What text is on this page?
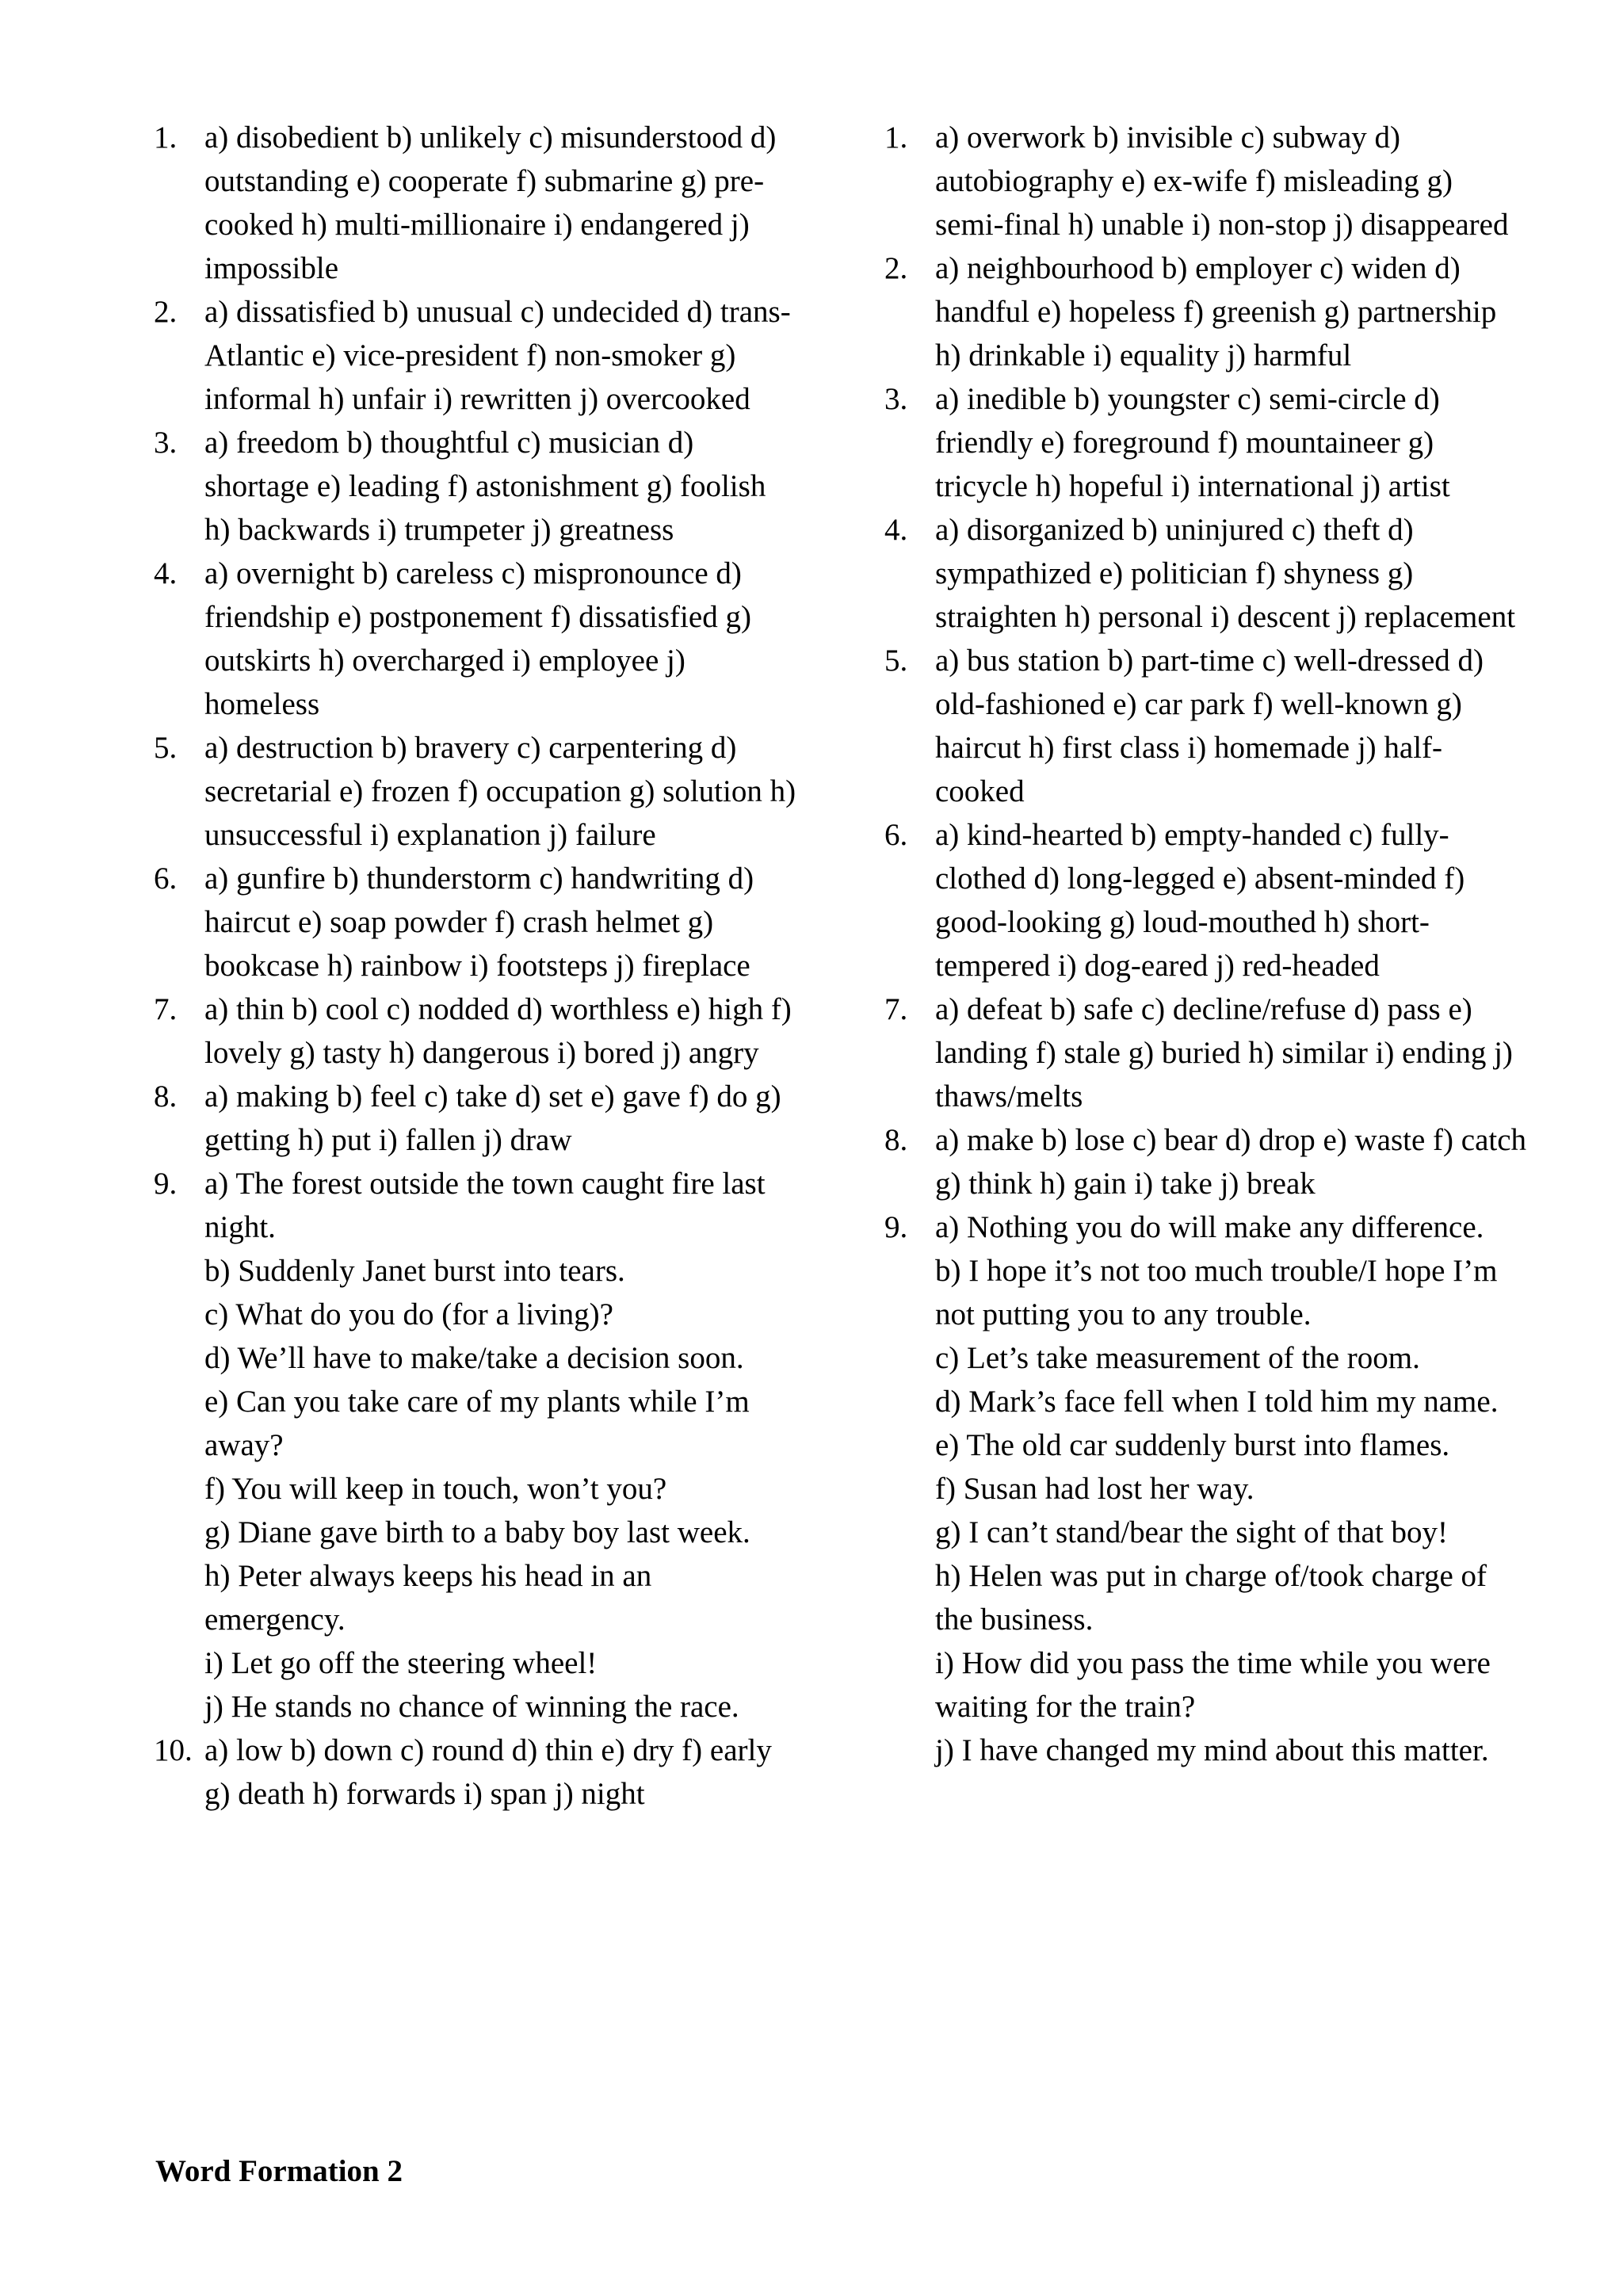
1. a) disobedient b) unlikely c) misunderstood d) outstanding e) cooperate f) submarine g) pre-cooked h) multi-millionaire i) endangered j) impossible
2. a) dissatisfied b) unusual c) undecided d) trans-Atlantic e) vice-president f) non-smoker g) informal h) unfair i) rewritten j) overcooked
3. a) freedom b) thoughtful c) musician d) shortage e) leading f) astonishment g) foolish h) backwards i) trumpeter j) greatness
4. a) overnight b) careless c) mispronounce d) friendship e) postponement f) dissatisfied g) outskirts h) overcharged i) employee j) homeless
5. a) destruction b) bravery c) carpentering d) secretarial e) frozen f) occupation g) solution h) unsuccessful i) explanation j) failure
6. a) gunfire b) thunderstorm c) handwriting d) haircut e) soap powder f) crash helmet g) bookcase h) rainbow i) footsteps j) fireplace
7. a) thin b) cool c) nodded d) worthless e) high f) lovely g) tasty h) dangerous i) bored j) angry
8. a) making b) feel c) take d) set e) gave f) do g) getting h) put i) fallen j) draw
9. a) The forest outside the town caught fire last night.
b) Suddenly Janet burst into tears.
c) What do you do (for a living)?
d) We’ll have to make/take a decision soon.
e) Can you take care of my plants while I’m away?
f) You will keep in touch, won’t you?
g) Diane gave birth to a baby boy last week.
h) Peter always keeps his head in an emergency.
i) Let go off the steering wheel!
j) He stands no chance of winning the race.
10. a) low b) down c) round d) thin e) dry f) early g) death h) forwards i) span j) night
1. a) overwork b) invisible c) subway d) autobiography e) ex-wife f) misleading g) semi-final h) unable i) non-stop j) disappeared
2. a) neighbourhood b) employer c) widen d) handful e) hopeless f) greenish g) partnership h) drinkable i) equality j) harmful
3. a) inedible b) youngster c) semi-circle d) friendly e) foreground f) mountaineer g) tricycle h) hopeful i) international j) artist
4. a) disorganized b) uninjured c) theft d) sympathized e) politician f) shyness g) straighten h) personal i) descent j) replacement
5. a) bus station b) part-time c) well-dressed d) old-fashioned e) car park f) well-known g) haircut h) first class i) homemade j) half-cooked
6. a) kind-hearted b) empty-handed c) fully-clothed d) long-legged e) absent-minded f) good-looking g) loud-mouthed h) short-tempered i) dog-eared j) red-headed
7. a) defeat b) safe c) decline/refuse d) pass e) landing f) stale g) buried h) similar i) ending j) thaws/melts
8. a) make b) lose c) bear d) drop e) waste f) catch g) think h) gain i) take j) break
9. a) Nothing you do will make any difference.
b) I hope it’s not too much trouble/I hope I’m not putting you to any trouble.
c) Let’s take measurement of the room.
d) Mark’s face fell when I told him my name.
e) The old car suddenly burst into flames.
f) Susan had lost her way.
g) I can’t stand/bear the sight of that boy!
h) Helen was put in charge of/took charge of the business.
i) How did you pass the time while you were waiting for the train?
j) I have changed my mind about this matter.
Word Formation 2
